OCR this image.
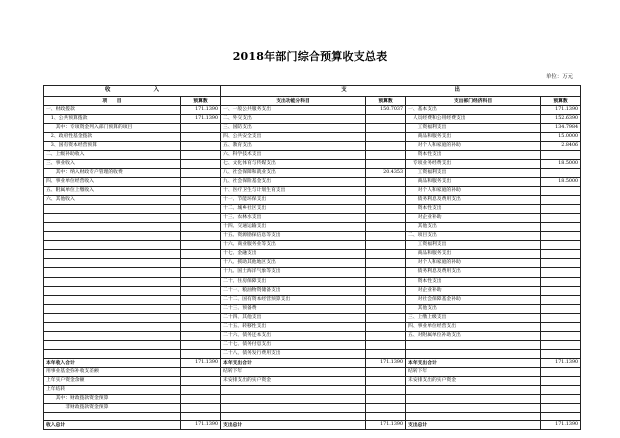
2018年部门综合预算收支总表
单位：万元
收　　　　　　　　入		支　　　　　　　　　　　　　　　　　　　　出			
项　　目	预算数	支出功能分科目	预算数	支出部门经济科目	预算数
一、财政拨款	171.1390	一、一般公共服务支出	150.7037	一、基本支出	171.1390
　1、公共预算拨款	171.1390	二、外交支出		　人员经费和公用经费支出	152.6390
　　其中：专项资金列入部门预算的项目		三、国防支出		　　工资福利支出	134.7984
　2、政府性基金拨款		四、公共安全支出		　　商品和服务支出	15.0000
　3、国有资本经营预算		五、教育支出		　　对个人和家庭的补助	2.8406
二、上级补助收入		六、科学技术支出		　　资本性支出	
三、事业收入		七、文化体育与传媒支出		　专项业务经费支出	18.5000
　　其中：纳入财政专户管理的收费		八、社会保障和就业支出	20.4353	　　工资福利支出	
四、事业单位经营收入		九、社会保险基金支出		　　商品和服务支出	18.5000
五、附属单位上缴收入		十、医疗卫生与计划生育支出		　　对个人和家庭的补助	
六、其他收入		十一、节能环保支出		　　债务利息及费用支出	
		十二、城乡社区支出		　　资本性支出	
		十三、农林水支出		　　对企业补助	
		十四、交通运输支出		　　其他支出	
		十五、资源勘探信息等支出		二、项目支出	
		十六、商业服务业等支出		　　工资福利支出	
		十七、金融支出		　　商品和服务支出	
		十八、援助其他地区支出		　　对个人和家庭的补助	
		十九、国土海洋气象等支出		　　债务利息及费用支出	
		二十、住房保障支出		　　资本性支出	
		二十一、粮油物资储备支出		　　对企业补助	
		二十二、国有资本经营预算支出		　　对社会保障基金补助	
		二十三、预备费		　　其他支出	
		二十四、其他支出		三、上缴上级支出	
		二十五、转移性支出		四、事业单位经营支出	
		二十六、债务还本支出		五、对附属单位补助支出	
		二十七、债务付息支出			
		二十八、债务发行费用支出			
本年收入合计	171.1390	本年支出合计	171.1390	本年支出合计	171.1390
用事业基金弥补收支差额		结转下年		结转下年	
上年实户资金余额		未安排支出的实户资金		未安排支出的实户资金	
上年结转					
　　其中：财政拨款资金预算					
　　　　非财政拨款资金预算					

收入总计	171.1390	支出总计	171.1390	支出总计	171.1390
